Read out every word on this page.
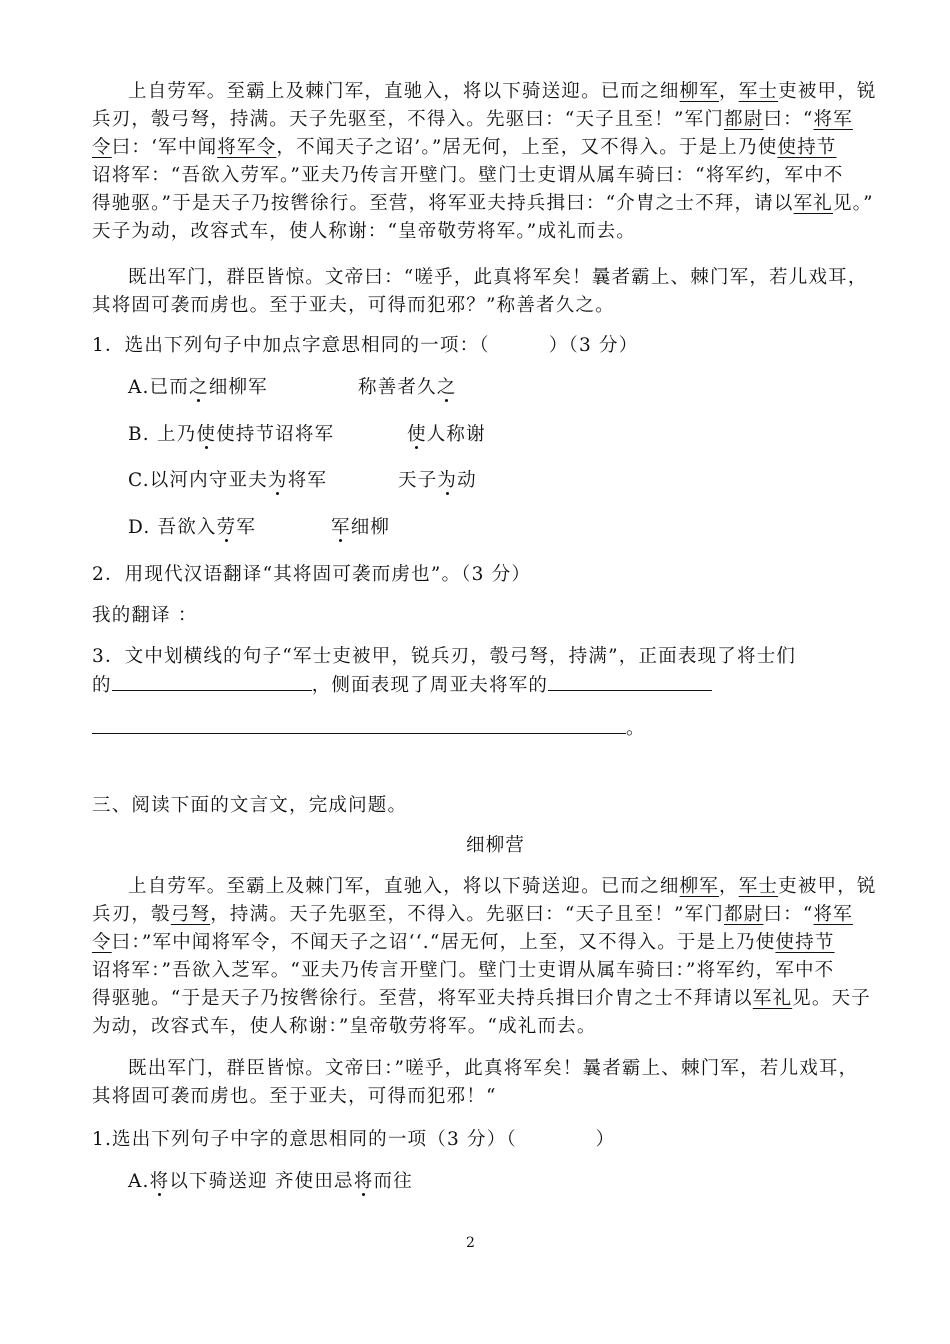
上自劳军。至霸上及棘门军，直驰入，将以下骑送迎。已而之细柳军，军士吏被甲，锐
兵刃，彀弓弩，持满。天子先驱至，不得入。先驱曰：“天子且至！”军门都尉曰：“将军
令曰：‘军中闻将军令，不闻天子之诏’。”居无何，上至，又不得入。于是上乃使使持节
诏将军：“吾欲入劳军。”亚夫乃传言开壁门。壁门士吏谓从属车骑曰：“将军约，军中不
得驰驱。”于是天子乃按辔徐行。至营，将军亚夫持兵揖曰：“介胄之士不拜，请以军礼见。”
天子为动，改容式车，使人称谢：“皇帝敬劳将军。”成礼而去。
既出军门，群臣皆惊。文帝曰：“嗟乎，此真将军矣！曩者霸上、棘门军，若儿戏耳，
其将固可袭而虏也。至于亚夫，可得而犯邪？”称善者久之。
1．选出下列句子中加点字意思相同的一项：（　　　）（3 分）
A.已而之细柳军	称善者久之
B. 上乃使使持节诏将军	使人称谢
C.以河内守亚夫为将军	天子为动
D. 吾欲入劳军	军细柳
2．用现代汉语翻译“其将固可袭而虏也”。（3 分）
我的翻译 ：
3．文中划横线的句子“军士吏被甲，锐兵刃，彀弓弩，持满”，正面表现了将士们
的	，侧面表现了周亚夫将军的
。
三、阅读下面的文言文，完成问题。
细柳营
上自劳军。至霸上及棘门军，直驰入，将以下骑送迎。已而之细柳军，军士吏被甲，锐
兵刃，彀弓弩，持满。天子先驱至，不得入。先驱曰：“天子且至！”军门都尉曰：“将军
令曰：”军中闻将军令，不闻天子之诏‘‘.“居无何，上至，又不得入。于是上乃使使持节
诏将军：”吾欲入芝军。“亚夫乃传言开壁门。壁门士吏谓从属车骑曰：”将军约，军中不
得驱驰。“于是天子乃按辔徐行。至营，将军亚夫持兵揖曰介胄之士不拜请以军礼见。天子
为动，改容式车，使人称谢：”皇帝敬劳将军。“成礼而去。
既出军门，群臣皆惊。文帝曰：”嗟乎，此真将军矣！曩者霸上、棘门军，若儿戏耳，
其将固可袭而虏也。至于亚夫，可得而犯邪！“
1.选出下列句子中字的意思相同的一项（3 分）（　　　　）
A.将以下骑送迎 齐使田忌将而往
2
